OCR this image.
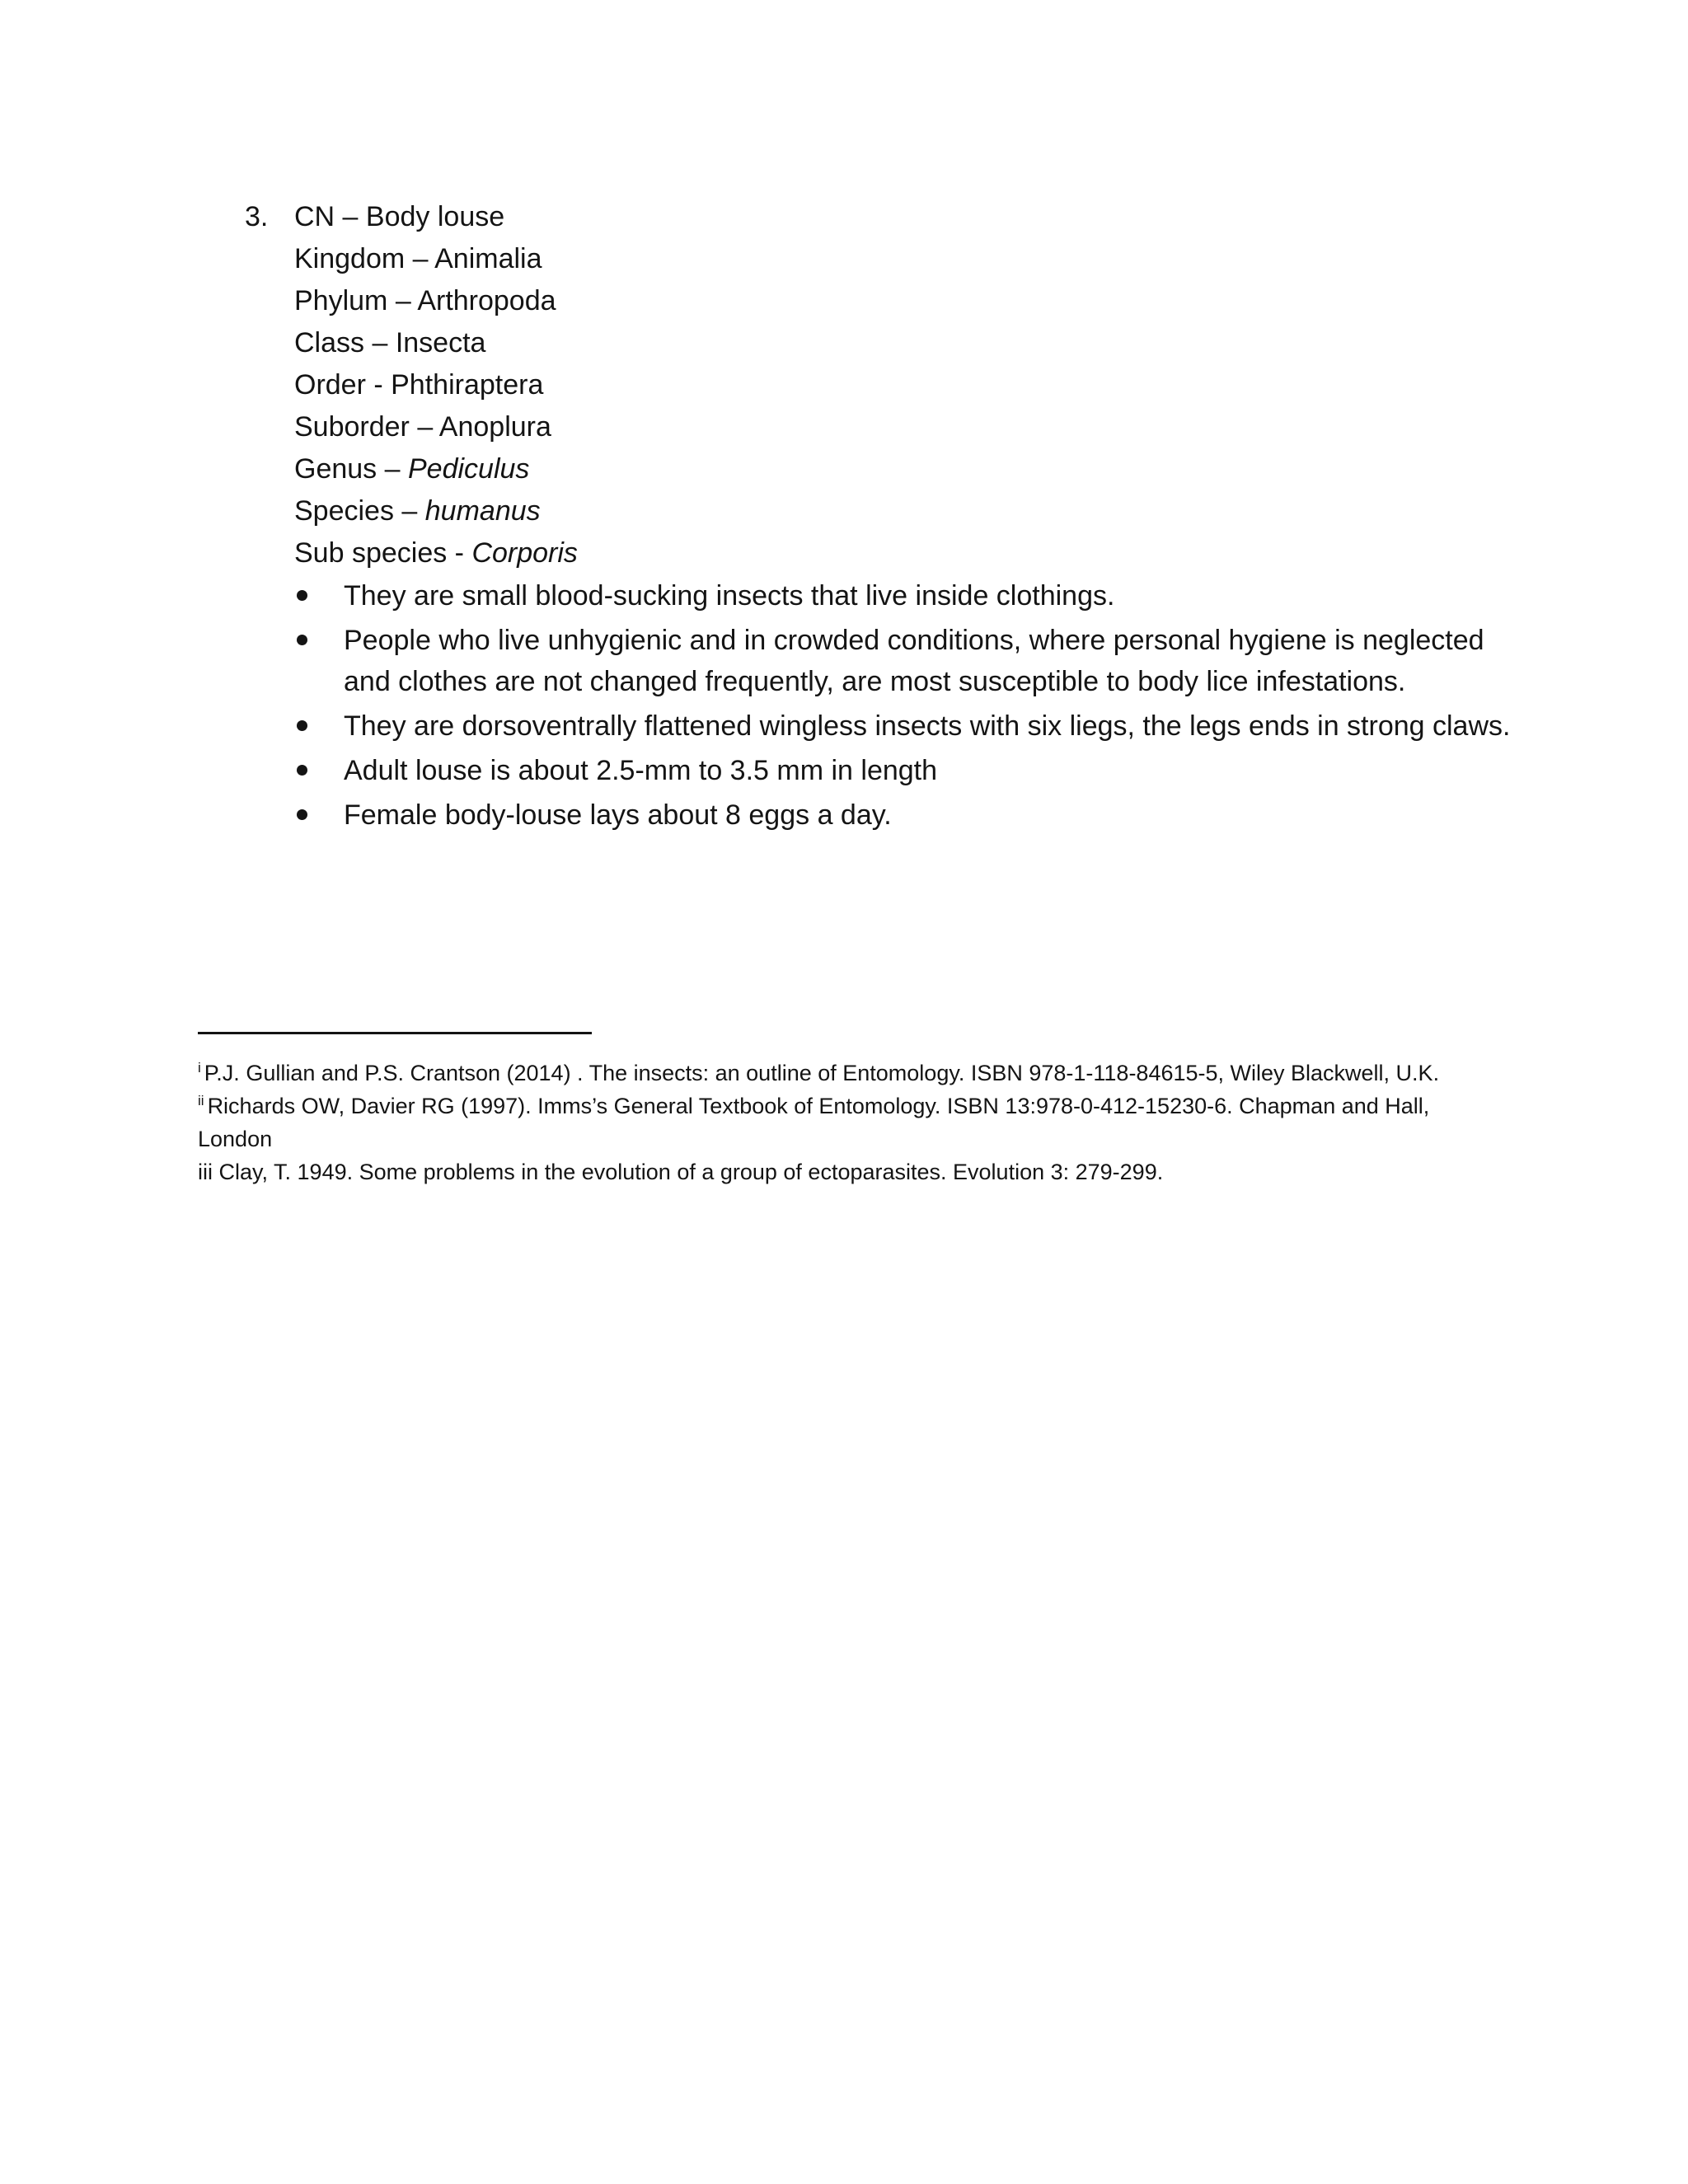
3. CN – Body louse
Kingdom – Animalia
Phylum – Arthropoda
Class – Insecta
Order - Phthiraptera
Suborder – Anoplura
Genus – Pediculus
Species – humanus
Sub species - Corporis
They are small blood-sucking insects that live inside clothings.
People who live unhygienic and in crowded conditions, where personal hygiene is neglected and clothes are not changed frequently, are most susceptible to body lice infestations.
They are dorsoventrally flattened wingless insects with six liegs, the legs ends in strong claws.
Adult louse is about 2.5-mm to 3.5 mm in length
Female body-louse lays about 8 eggs a day.

$^i$ P.J. Gullian and P.S. Crantson (2014) . The insects: an outline of Entomology. ISBN 978-1-118-84615-5, Wiley Blackwell, U.K.

$^{ii}$ Richards OW, Davier RG (1997). Imms’s General Textbook of Entomology. ISBN 13:978-0-412-15230-6. Chapman and Hall, London

iii Clay, T. 1949. Some problems in the evolution of a group of ectoparasites. Evolution 3: 279-299.
